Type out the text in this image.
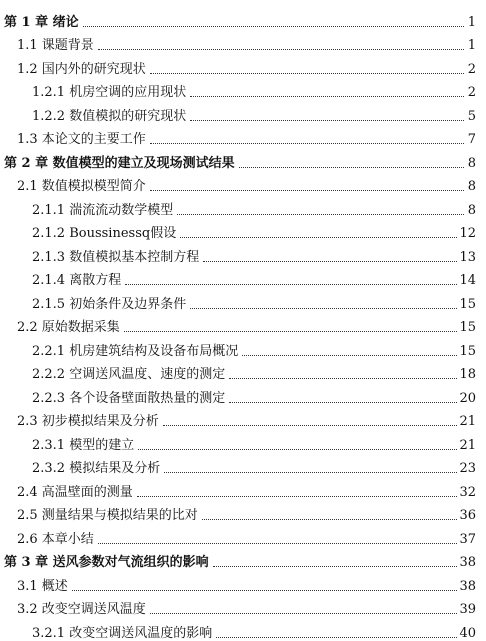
第 1 章 绪论	1
1.1 课题背景	1
1.2 国内外的研究现状	2
1.2.1 机房空调的应用现状	2
1.2.2 数值模拟的研究现状	5
1.3 本论文的主要工作	7
第 2 章 数值模型的建立及现场测试结果	8
2.1 数值模拟模型简介	8
2.1.1 湍流流动数学模型	8
2.1.2 Boussinessq假设	12
2.1.3 数值模拟基本控制方程	13
2.1.4 离散方程	14
2.1.5 初始条件及边界条件	15
2.2 原始数据采集	15
2.2.1 机房建筑结构及设备布局概况	15
2.2.2 空调送风温度、速度的测定	18
2.2.3 各个设备壁面散热量的测定	20
2.3 初步模拟结果及分析	21
2.3.1 模型的建立	21
2.3.2 模拟结果及分析	23
2.4 高温壁面的测量	32
2.5 测量结果与模拟结果的比对	36
2.6 本章小结	37
第 3 章 送风参数对气流组织的影响	38
3.1 概述	38
3.2 改变空调送风温度	39
3.2.1 改变空调送风温度的影响	40
